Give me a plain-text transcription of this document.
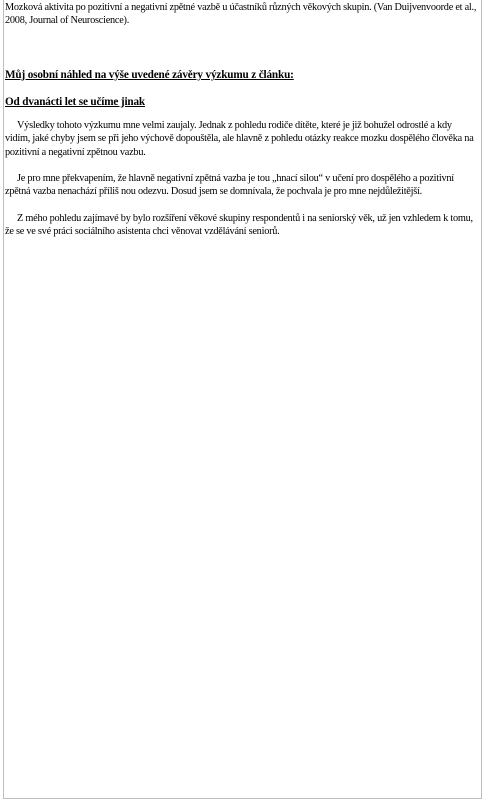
Mozková aktivita po pozitivní a negativní zpětné vazbě u účastníků různých věkových skupin. (Van Duijvenvoorde et al., 2008, Journal of Neuroscience).

Můj osobní náhled na výše uvedené závěry výzkumu z článku:

Od dvanácti let se učíme jinak

Výsledky tohoto výzkumu mne velmi zaujaly. Jednak z pohledu rodiče dítěte, které je již bohužel odrostlé a kdy vidím, jaké chyby jsem se při jeho výchově dopouštěla, ale hlavně z pohledu otázky reakce mozku dospělého člověka na pozitivní a negativní zpětnou vazbu.

Je pro mne překvapením, že hlavně negativní zpětná vazba je tou „hnací silou“ v učení pro dospělého a pozitivní zpětná vazba nenachází příliš nou odezvu. Dosud jsem se domnívala, že pochvala je pro mne nejdůležitější.

Z mého pohledu zajímavé by bylo rozšíření věkové skupiny respondentů i na seniorský věk, už jen vzhledem k tomu, že se ve své práci sociálního asistenta chci věnovat vzdělávání seniorů.
